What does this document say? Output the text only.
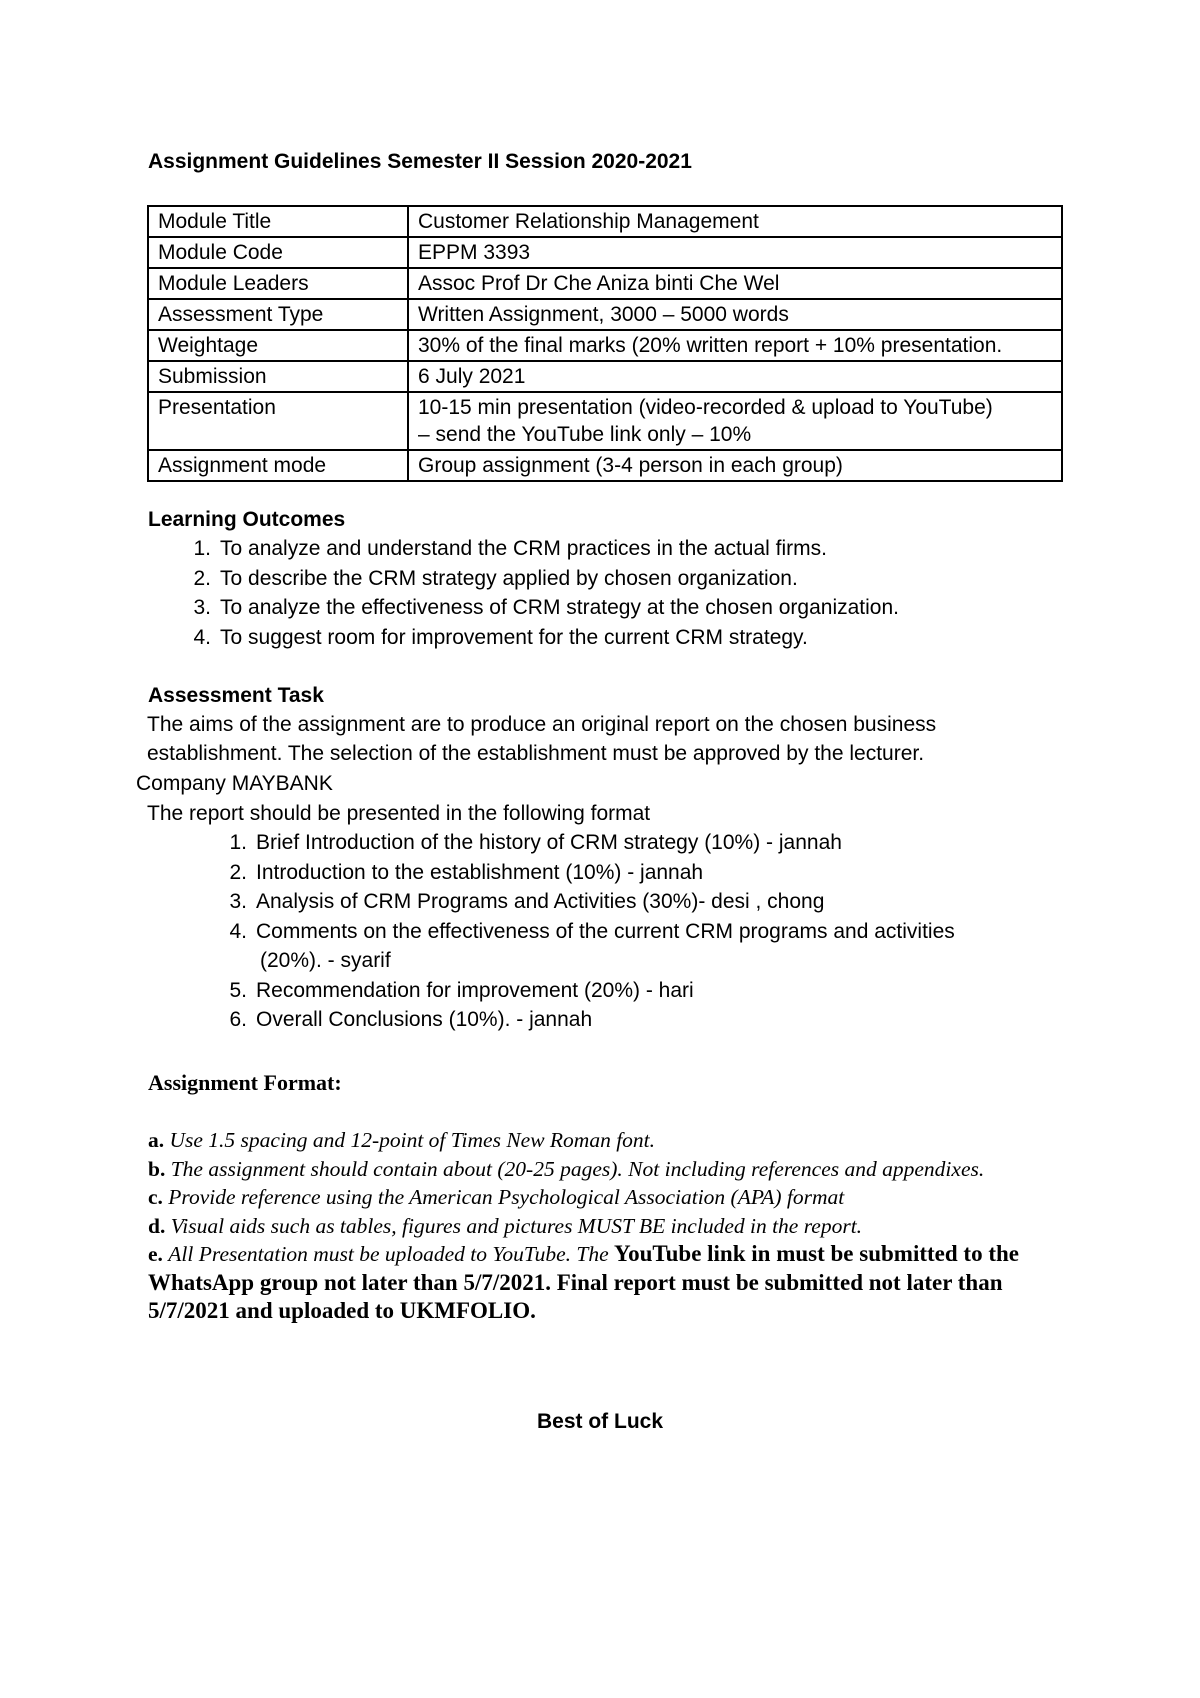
Assignment Guidelines Semester II Session 2020-2021
Module Title	Customer Relationship Management
Module Code	EPPM 3393
Module Leaders	Assoc Prof Dr Che Aniza binti Che Wel
Assessment Type	Written Assignment, 3000 – 5000 words
Weightage	30% of the final marks (20% written report + 10% presentation.
Submission	6 July 2021
Presentation	10-15 min presentation (video-recorded & upload to YouTube)
– send the YouTube link only – 10%

Assignment mode	Group assignment (3-4 person in each group)
Learning Outcomes
1. To analyze and understand the CRM practices in the actual firms.
2. To describe the CRM strategy applied by chosen organization.
3. To analyze the effectiveness of CRM strategy at the chosen organization.
4. To suggest room for improvement for the current CRM strategy.
Assessment Task
The aims of the assignment are to produce an original report on the chosen business
establishment. The selection of the establishment must be approved by the lecturer.
Company MAYBANK
The report should be presented in the following format
1. Brief Introduction of the history of CRM strategy (10%) - jannah
2. Introduction to the establishment (10%) - jannah
3. Analysis of CRM Programs and Activities (30%)- desi , chong
4. Comments on the effectiveness of the current CRM programs and activities
(20%). - syarif
5. Recommendation for improvement (20%) - hari
6. Overall Conclusions (10%). - jannah
Assignment Format:

a. Use 1.5 spacing and 12-point of Times New Roman font.

b. The assignment should contain about (20-25 pages). Not including references and appendixes.

c. Provide reference using the American Psychological Association (APA) format

d. Visual aids such as tables, figures and pictures MUST BE included in the report.

e. All Presentation must be uploaded to YouTube. The YouTube link in must be submitted to the WhatsApp group not later than 5/7/2021. Final report must be submitted not later than 5/7/2021 and uploaded to UKMFOLIO.

Best of Luck
